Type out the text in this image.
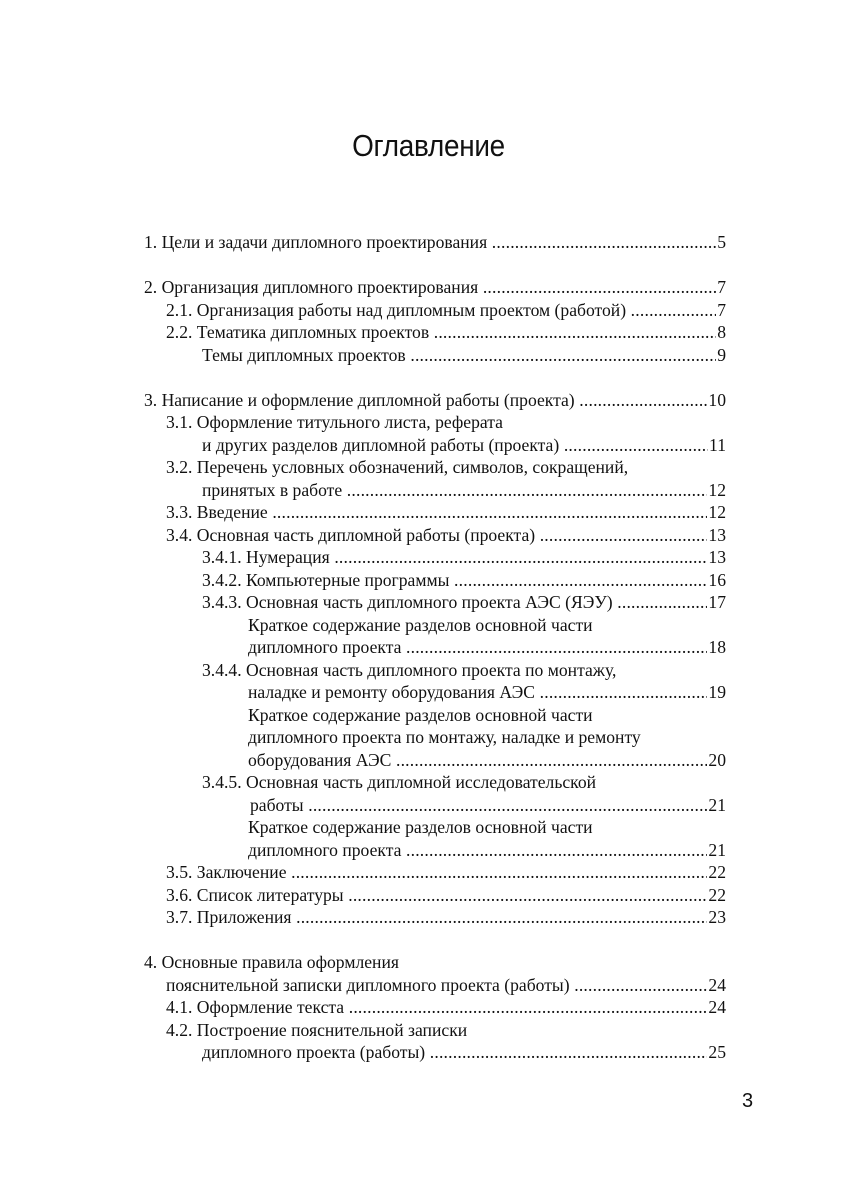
Оглавление
1. Цели и задачи дипломного проектирования .....	5
2. Организация дипломного проектирования .....	7
2.1. Организация работы над дипломным проектом (работой) .....	7
2.2. Тематика дипломных проектов .....	8
Темы дипломных проектов .....	9
3. Написание и оформление дипломной работы (проекта) .....	10
3.1. Оформление титульного листа, реферата
и других разделов дипломной работы (проекта) .....	11
3.2. Перечень условных обозначений, символов, сокращений,
принятых в работе .....	12
3.3. Введение .....	12
3.4. Основная часть дипломной работы (проекта) .....	13
3.4.1. Нумерация .....	13
3.4.2. Компьютерные программы .....	16
3.4.3. Основная часть дипломного проекта АЭС (ЯЭУ) .....	17
Краткое содержание разделов основной части
дипломного проекта .....	18
3.4.4. Основная часть дипломного проекта по монтажу,
наладке и ремонту оборудования АЭС .....	19
Краткое содержание разделов основной части
дипломного проекта по монтажу, наладке и ремонту
оборудования АЭС .....	20
3.4.5. Основная часть дипломной исследовательской
работы .....	21
Краткое содержание разделов основной части
дипломного проекта .....	21
3.5. Заключение .....	22
3.6. Список литературы .....	22
3.7. Приложения .....	23
4. Основные правила оформления
пояснительной записки дипломного проекта (работы) .....	24
4.1. Оформление текста .....	24
4.2. Построение пояснительной записки
дипломного проекта (работы) .....	25
3
